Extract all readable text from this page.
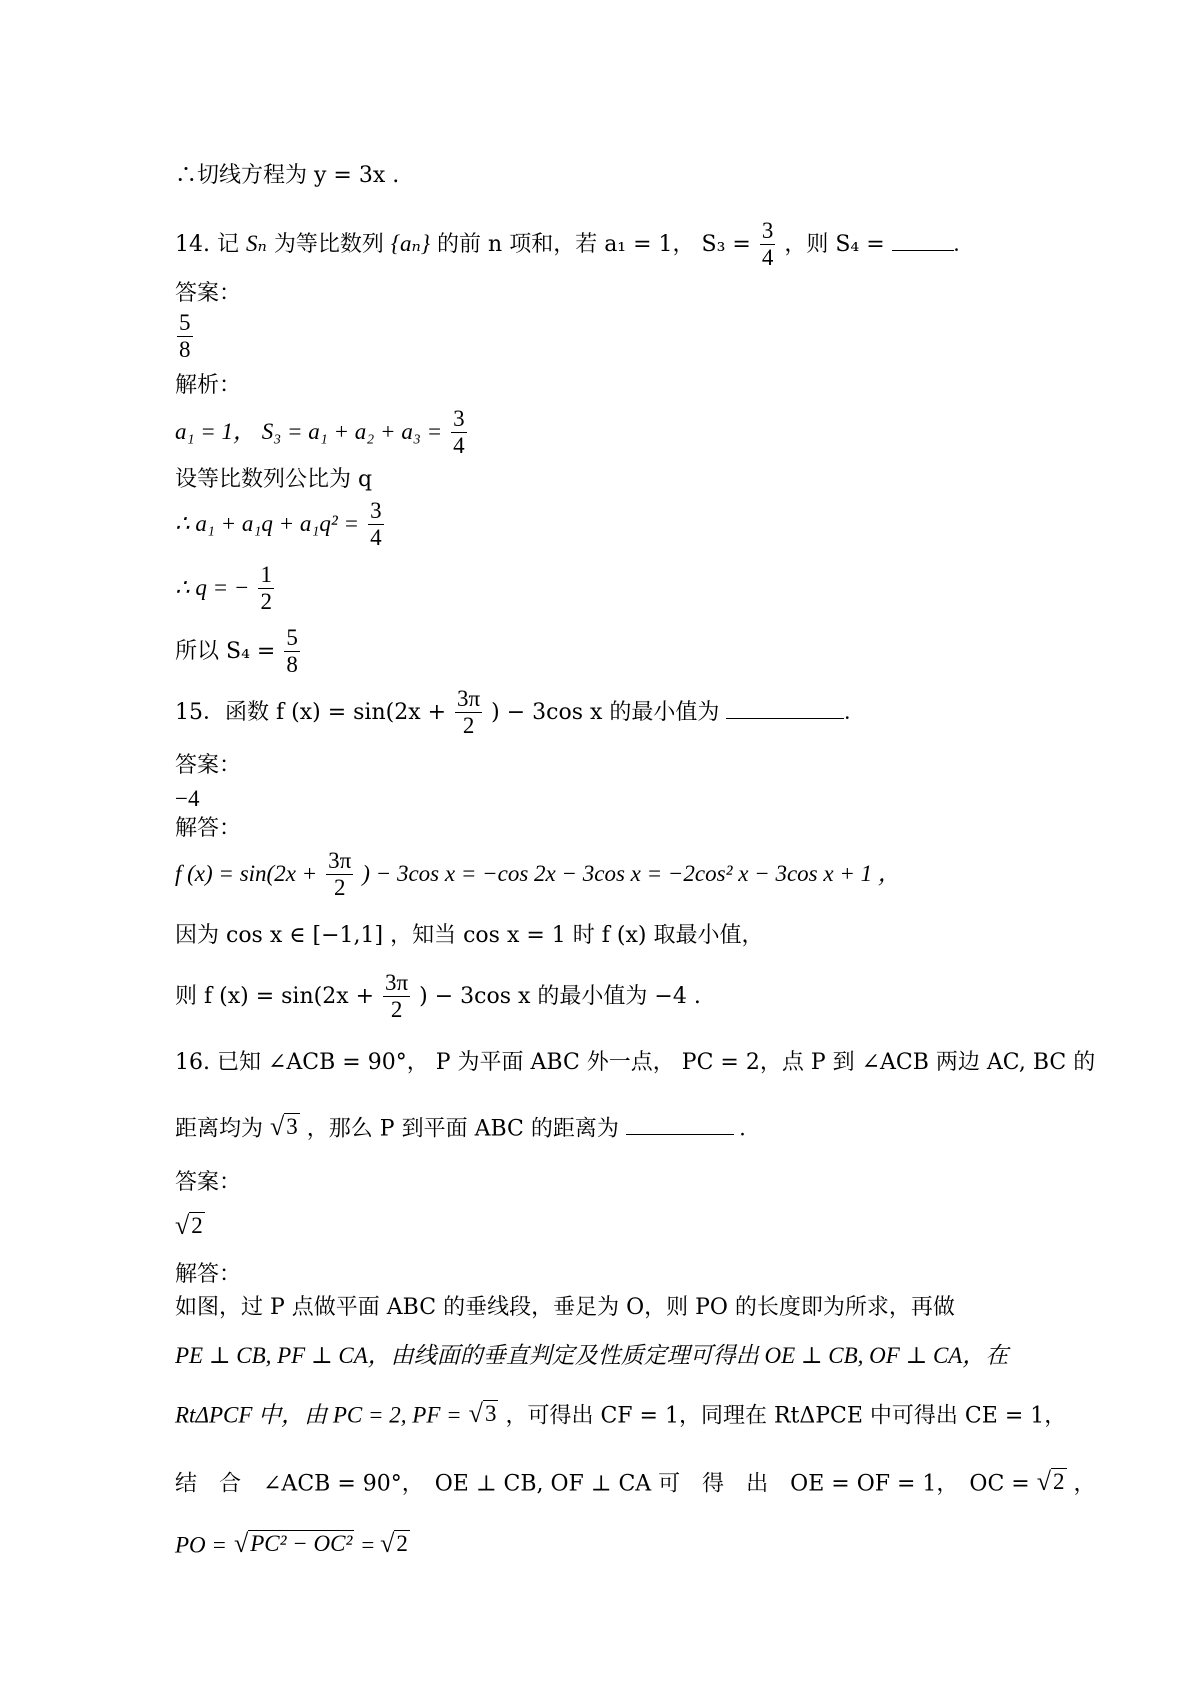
∴切线方程为 y = 3x .
14. 记 Sₙ 为等比数列 {aₙ} 的前 n 项和，若 a₁ = 1， $S_3 = \frac{3}{4}$ ，则 S₄ =	.
答案：
$\frac{5}{8}$
解析：
a₁ = 1， $S_3 = a_1 + a_2 + a_3 = \frac{3}{4}$
设等比数列公比为 q
∴ $a_1 + a_1q + a_1q^2 = \frac{3}{4}$
∴ q = − $\frac{1}{2}$
所以 $S_4 = \frac{5}{8}$
15．函数 f $(x) = \sin(2x + \frac{3\pi}{2}$ ) − 3cos x 的最小值为	.
答案：
−4
解答：
f $(x) = \sin(2x + \frac{3\pi}{2}$ ) − 3cos x = −cos 2x − 3cos x = −2cos² x − 3cos x + 1 ，
因为 cos x ∈ [−1,1] ，知当 cos x = 1 时 f (x) 取最小值，
则 f $(x) = \sin(2x + \frac{3\pi}{2}$ ) − 3cos x 的最小值为 −4 .
16. 已知 ∠ACB = 90°， P 为平面 ABC 外一点， PC = 2，点 P 到 ∠ACB 两边 AC, BC 的
距离均为 √ 3 ，那么 P 到平面 ABC 的距离为	.
答案：
√ 2
解答：
如图，过 P 点做平面 ABC 的垂线段，垂足为 O，则 PO 的长度即为所求，再做
PE ⊥ CB, PF ⊥ CA，由线面的垂直判定及性质定理可得出 OE ⊥ CB, OF ⊥ CA，在
RtΔPCF 中，由 PC = 2, PF = √ 3 ，可得出 CF = 1，同理在 RtΔPCE 中可得出 CE = 1，
结　合　∠ACB = 90°，　OE ⊥ CB, OF ⊥ CA 可　得　出　OE = OF = 1，　OC = √ 2 ，
PO = √ PC² − OC² = √ 2
